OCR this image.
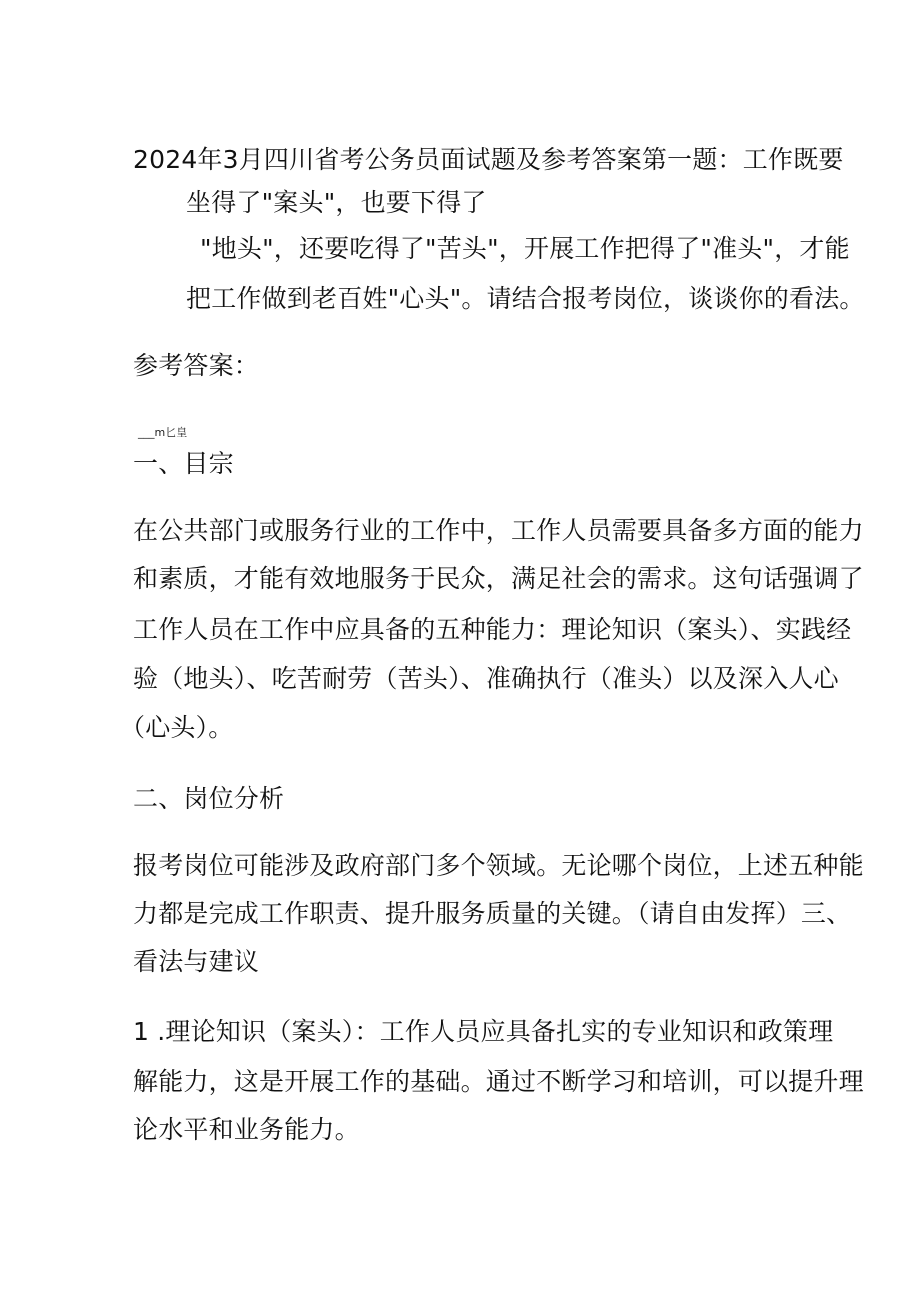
2024年3月四川省考公务员面试题及参考答案第一题：工作既要
坐得了"案头"，也要下得了
"地头"，还要吃得了"苦头"，开展工作把得了"准头"，才能
把工作做到老百姓"心头"。请结合报考岗位，谈谈你的看法。
参考答案：
___m匕皇
一、目宗
在公共部门或服务行业的工作中，工作人员需要具备多方面的能力
和素质，才能有效地服务于民众，满足社会的需求。这句话强调了
工作人员在工作中应具备的五种能力：理论知识（案头）、实践经
验（地头）、吃苦耐劳（苦头）、准确执行（准头）以及深入人心
（心头）。
二、岗位分析
报考岗位可能涉及政府部门多个领域。无论哪个岗位，上述五种能
力都是完成工作职责、提升服务质量的关键。（请自由发挥）三、
看法与建议
1 .理论知识（案头）：工作人员应具备扎实的专业知识和政策理
解能力，这是开展工作的基础。通过不断学习和培训，可以提升理
论水平和业务能力。
